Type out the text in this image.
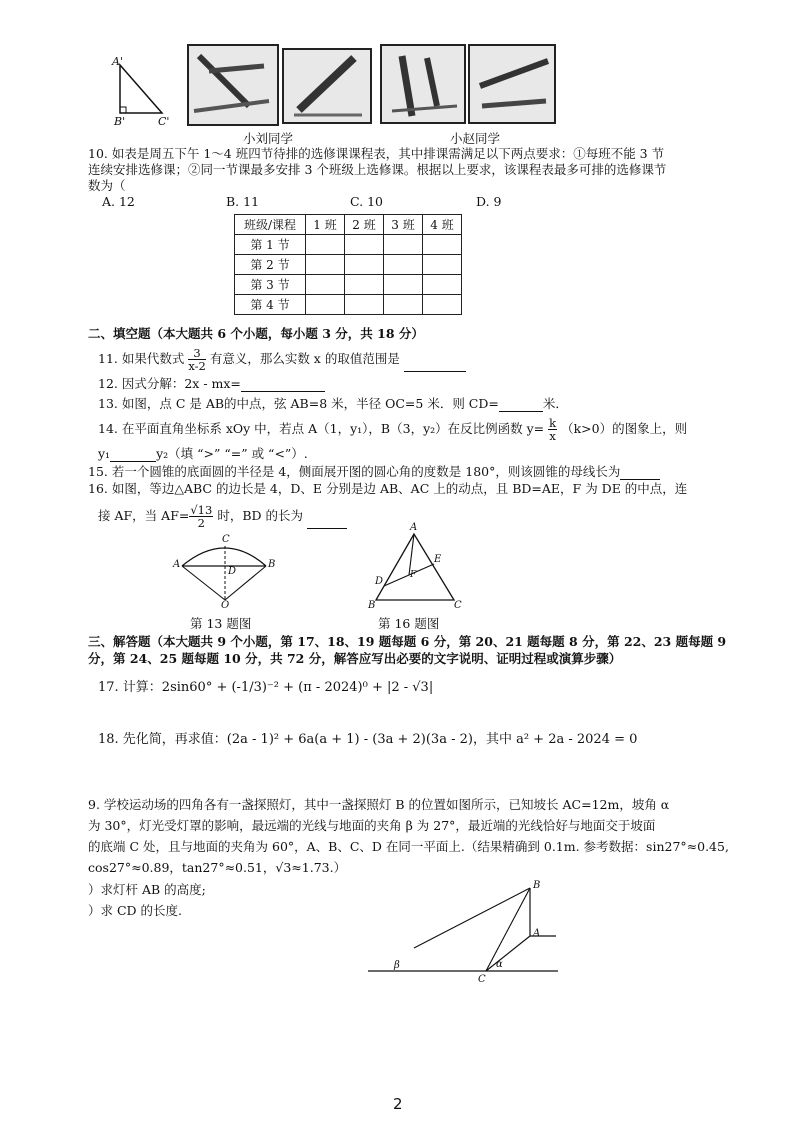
A'
B'	C'
小刘同学	小赵同学
10. 如表是周五下午 1～4 班四节待排的选修课课程表，其中排课需满足以下两点要求：①每班不能 3 节
连续安排选修课；②同一节课最多安排 3 个班级上选修课。根据以上要求，该课程表最多可排的选修课节
数为（
A. 12	B. 11	C. 10	D. 9
班级/课程	1 班	2 班	3 班	4 班
第 1 节				
第 2 节				
第 3 节				
第 4 节				
二、填空题（本大题共 6 个小题，每小题 3 分，共 18 分）
11. 如果代数式 $\frac{3}{x-2}$ 有意义，那么实数 x 的取值范围是
12. 因式分解：2x - mx=
13. 如图，点 C 是 AB的中点，弦 AB=8 米，半径 OC=5 米．则 CD=	米．
14. 在平面直角坐标系 xOy 中，若点 A（1，y₁），B（3，y₂）在反比例函数 $y= \frac{k}{x} (k>0)$的图象上，则
y₁	y₂（填 “>” “=” 或 “<”）.
15. 若一个圆锥的底面圆的半径是 4，侧面展开图的圆心角的度数是 180°，则该圆锥的母线长为
16. 如图，等边△ABC 的边长是 4，D、E 分别是边 AB、AC 上的动点，且 BD=AE，F 为 DE 的中点，连
接 AF，当 $AF= \frac{√13}{2}$ 时，BD 的长为
A	B
C
D
O
A
D
E
F
B	C
第 13 题图	第 16 题图
三、解答题（本大题共 9 个小题，第 17、18、19 题每题 6 分，第 20、21 题每题 8 分，第 22、23 题每题 9
分，第 24、25 题每题 10 分，共 72 分，解答应写出必要的文字说明、证明过程或演算步骤）
17. 计算：2sin60° + (-1/3)⁻² + (π - 2024)⁰ + |2 - √3|
18. 先化简，再求值：(2a - 1)² + 6a(a + 1) - (3a + 2)(3a - 2)，其中 a² + 2a - 2024 = 0
9. 学校运动场的四角各有一盏探照灯，其中一盏探照灯 B 的位置如图所示，已知坡长 AC=12m，坡角 α
为 30°，灯光受灯罩的影响，最远端的光线与地面的夹角 β 为 27°，最近端的光线恰好与地面交于坡面
的底端 C 处，且与地面的夹角为 60°，A、B、C、D 在同一平面上.（结果精确到 0.1m. 参考数据：sin27°≈0.45,
cos27°≈0.89，tan27°≈0.51，√3≈1.73.）
）求灯杆 AB 的高度;
）求 CD 的长度.
B
A
C
β	α
2
